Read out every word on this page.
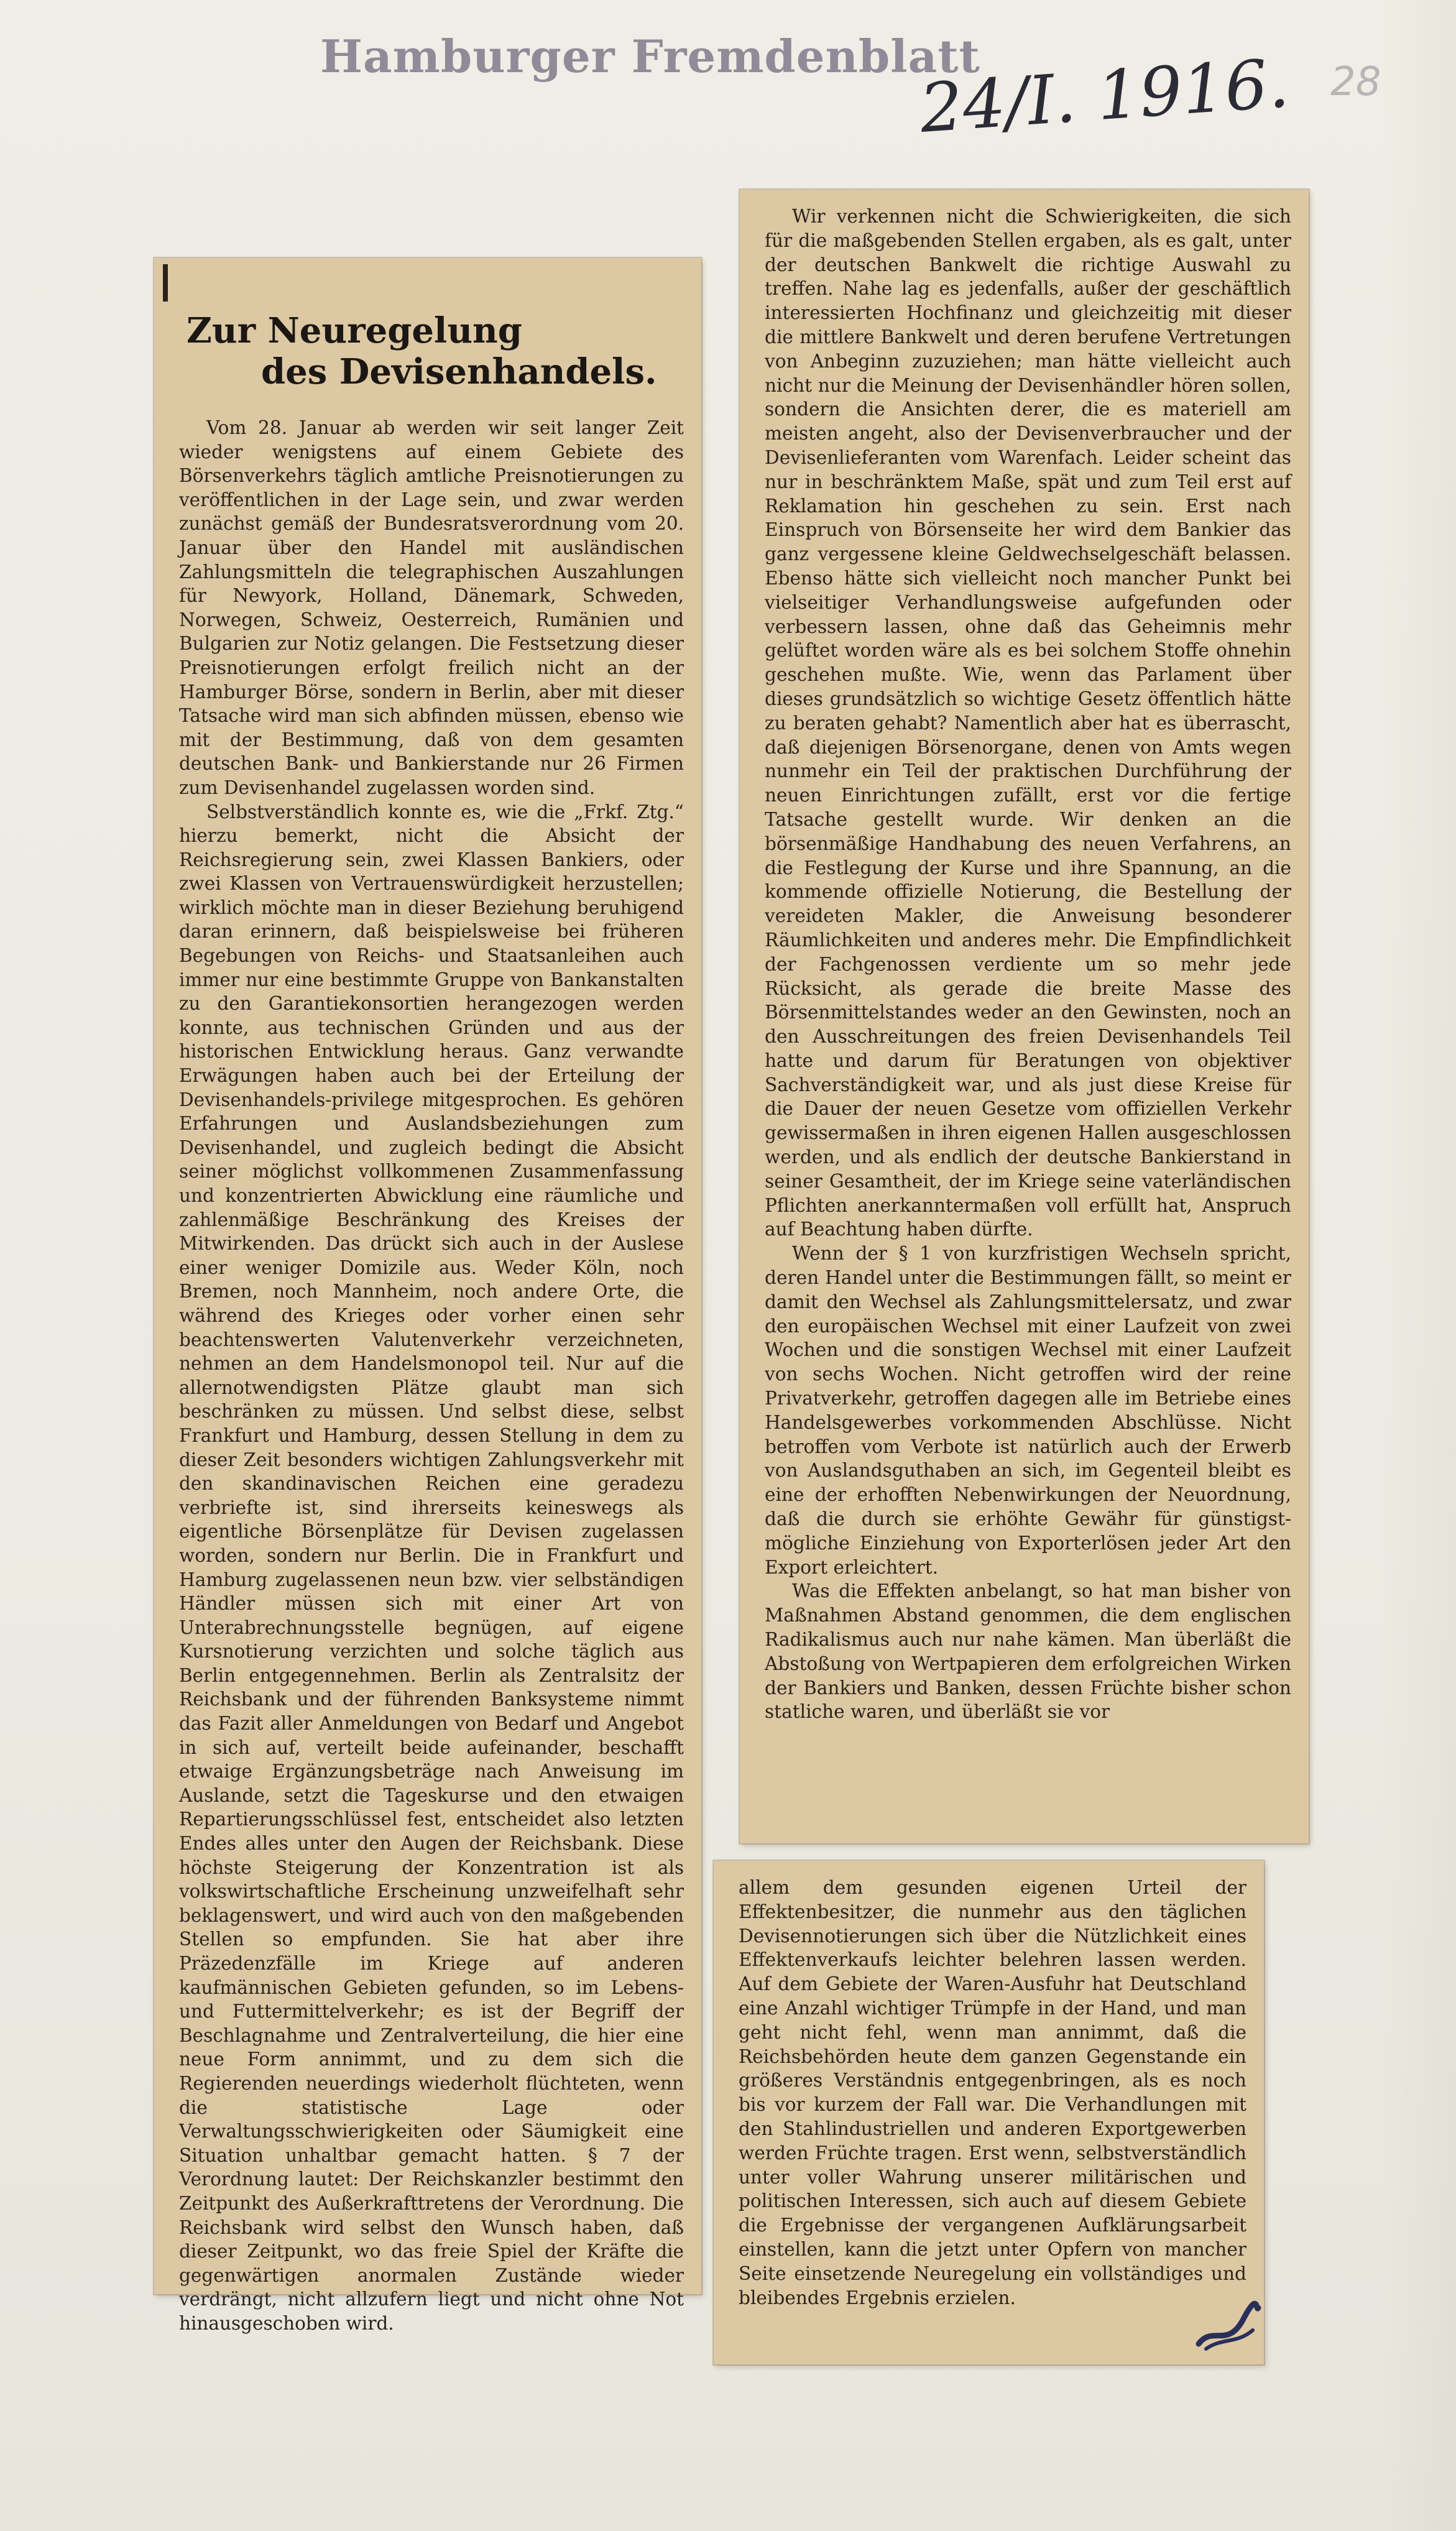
Hamburger Fremdenblatt
24/I. 1916. 28
Zur Neuregelung
des Devisenhandels.

Vom 28. Januar ab werden wir seit langer Zeit wieder wenigstens auf einem Gebiete des Börsenverkehrs täglich amtliche Preisnotierungen zu veröffentlichen in der Lage sein, und zwar werden zunächst gemäß der Bundesratsverordnung vom 20. Januar über den Handel mit ausländischen Zahlungsmitteln die telegraphischen Auszahlungen für Newyork, Holland, Dänemark, Schweden, Norwegen, Schweiz, Oesterreich, Rumänien und Bulgarien zur Notiz gelangen. Die Festsetzung dieser Preisnotierungen erfolgt freilich nicht an der Hamburger Börse, sondern in Berlin, aber mit dieser Tatsache wird man sich abfinden müssen, ebenso wie mit der Bestimmung, daß von dem gesamten deutschen Bank- und Bankierstande nur 26 Firmen zum Devisenhandel zugelassen worden sind.

Selbstverständlich konnte es, wie die „Frkf. Ztg.“ hierzu bemerkt, nicht die Absicht der Reichsregierung sein, zwei Klassen Bankiers, oder zwei Klassen von Vertrauenswürdigkeit herzustellen; wirklich möchte man in dieser Beziehung beruhigend daran erinnern, daß beispielsweise bei früheren Begebungen von Reichs- und Staatsanleihen auch immer nur eine bestimmte Gruppe von Bankanstalten zu den Garantiekonsortien herangezogen werden konnte, aus technischen Gründen und aus der historischen Entwicklung heraus. Ganz verwandte Erwägungen haben auch bei der Erteilung der Devisenhandels-privilege mitgesprochen. Es gehören Erfahrungen und Auslandsbeziehungen zum Devisenhandel, und zugleich bedingt die Absicht seiner möglichst vollkommenen Zusammenfassung und konzentrierten Abwicklung eine räumliche und zahlenmäßige Beschränkung des Kreises der Mitwirkenden. Das drückt sich auch in der Auslese einer weniger Domizile aus. Weder Köln, noch Bremen, noch Mannheim, noch andere Orte, die während des Krieges oder vorher einen sehr beachtenswerten Valutenverkehr verzeichneten, nehmen an dem Handelsmonopol teil. Nur auf die allernotwendigsten Plätze glaubt man sich beschränken zu müssen. Und selbst diese, selbst Frankfurt und Hamburg, dessen Stellung in dem zu dieser Zeit besonders wichtigen Zahlungsverkehr mit den skandinavischen Reichen eine geradezu verbriefte ist, sind ihrerseits keineswegs als eigentliche Börsenplätze für Devisen zugelassen worden, sondern nur Berlin. Die in Frankfurt und Hamburg zugelassenen neun bzw. vier selbständigen Händler müssen sich mit einer Art von Unterabrechnungsstelle begnügen, auf eigene Kursnotierung verzichten und solche täglich aus Berlin entgegennehmen. Berlin als Zentralsitz der Reichsbank und der führenden Banksysteme nimmt das Fazit aller Anmeldungen von Bedarf und Angebot in sich auf, verteilt beide aufeinander, beschafft etwaige Ergänzungsbeträge nach Anweisung im Auslande, setzt die Tageskurse und den etwaigen Repartierungsschlüssel fest, entscheidet also letzten Endes alles unter den Augen der Reichsbank. Diese höchste Steigerung der Konzentration ist als volkswirtschaftliche Erscheinung unzweifelhaft sehr beklagenswert, und wird auch von den maßgebenden Stellen so empfunden. Sie hat aber ihre Präzedenzfälle im Kriege auf anderen kaufmännischen Gebieten gefunden, so im Lebens- und Futtermittelverkehr; es ist der Begriff der Beschlagnahme und Zentralverteilung, die hier eine neue Form annimmt, und zu dem sich die Regierenden neuerdings wiederholt flüchteten, wenn die statistische Lage oder Verwaltungsschwierigkeiten oder Säumigkeit eine Situation unhaltbar gemacht hatten. § 7 der Verordnung lautet: Der Reichskanzler bestimmt den Zeitpunkt des Außerkrafttretens der Verordnung. Die Reichsbank wird selbst den Wunsch haben, daß dieser Zeitpunkt, wo das freie Spiel der Kräfte die gegenwärtigen anormalen Zustände wieder verdrängt, nicht allzufern liegt und nicht ohne Not hinausgeschoben wird.

Wir verkennen nicht die Schwierigkeiten, die sich für die maßgebenden Stellen ergaben, als es galt, unter der deutschen Bankwelt die richtige Auswahl zu treffen. Nahe lag es jedenfalls, außer der geschäftlich interessierten Hochfinanz und gleichzeitig mit dieser die mittlere Bankwelt und deren berufene Vertretungen von Anbeginn zuzuziehen; man hätte vielleicht auch nicht nur die Meinung der Devisenhändler hören sollen, sondern die Ansichten derer, die es materiell am meisten angeht, also der Devisenverbraucher und der Devisenlieferanten vom Warenfach. Leider scheint das nur in beschränktem Maße, spät und zum Teil erst auf Reklamation hin geschehen zu sein. Erst nach Einspruch von Börsenseite her wird dem Bankier das ganz vergessene kleine Geldwechselgeschäft belassen. Ebenso hätte sich vielleicht noch mancher Punkt bei vielseitiger Verhandlungsweise aufgefunden oder verbessern lassen, ohne daß das Geheimnis mehr gelüftet worden wäre als es bei solchem Stoffe ohnehin geschehen mußte. Wie, wenn das Parlament über dieses grundsätzlich so wichtige Gesetz öffentlich hätte zu beraten gehabt? Namentlich aber hat es überrascht, daß diejenigen Börsenorgane, denen von Amts wegen nunmehr ein Teil der praktischen Durchführung der neuen Einrichtungen zufällt, erst vor die fertige Tatsache gestellt wurde. Wir denken an die börsenmäßige Handhabung des neuen Verfahrens, an die Festlegung der Kurse und ihre Spannung, an die kommende offizielle Notierung, die Bestellung der vereideten Makler, die Anweisung besonderer Räumlichkeiten und anderes mehr. Die Empfindlichkeit der Fachgenossen verdiente um so mehr jede Rücksicht, als gerade die breite Masse des Börsenmittelstandes weder an den Gewinsten, noch an den Ausschreitungen des freien Devisenhandels Teil hatte und darum für Beratungen von objektiver Sachverständigkeit war, und als just diese Kreise für die Dauer der neuen Gesetze vom offiziellen Verkehr gewissermaßen in ihren eigenen Hallen ausgeschlossen werden, und als endlich der deutsche Bankierstand in seiner Gesamtheit, der im Kriege seine vaterländischen Pflichten anerkanntermaßen voll erfüllt hat, Anspruch auf Beachtung haben dürfte.

Wenn der § 1 von kurzfristigen Wechseln spricht, deren Handel unter die Bestimmungen fällt, so meint er damit den Wechsel als Zahlungsmittelersatz, und zwar den europäischen Wechsel mit einer Laufzeit von zwei Wochen und die sonstigen Wechsel mit einer Laufzeit von sechs Wochen. Nicht getroffen wird der reine Privatverkehr, getroffen dagegen alle im Betriebe eines Handelsgewerbes vorkommenden Abschlüsse. Nicht betroffen vom Verbote ist natürlich auch der Erwerb von Auslandsguthaben an sich, im Gegenteil bleibt es eine der erhofften Nebenwirkungen der Neuordnung, daß die durch sie erhöhte Gewähr für günstigst-mögliche Einziehung von Exporterlösen jeder Art den Export erleichtert.

Was die Effekten anbelangt, so hat man bisher von Maßnahmen Abstand genommen, die dem englischen Radikalismus auch nur nahe kämen. Man überläßt die Abstoßung von Wertpapieren dem erfolgreichen Wirken der Bankiers und Banken, dessen Früchte bisher schon statliche waren, und überläßt sie vor

allem dem gesunden eigenen Urteil der Effektenbesitzer, die nunmehr aus den täglichen Devisennotierungen sich über die Nützlichkeit eines Effektenverkaufs leichter belehren lassen werden. Auf dem Gebiete der Waren-Ausfuhr hat Deutschland eine Anzahl wichtiger Trümpfe in der Hand, und man geht nicht fehl, wenn man annimmt, daß die Reichsbehörden heute dem ganzen Gegenstande ein größeres Verständnis entgegenbringen, als es noch bis vor kurzem der Fall war. Die Verhandlungen mit den Stahlindustriellen und anderen Exportgewerben werden Früchte tragen. Erst wenn, selbstverständlich unter voller Wahrung unserer militärischen und politischen Interessen, sich auch auf diesem Gebiete die Ergebnisse der vergangenen Aufklärungsarbeit einstellen, kann die jetzt unter Opfern von mancher Seite einsetzende Neuregelung ein vollständiges und bleibendes Ergebnis erzielen.
